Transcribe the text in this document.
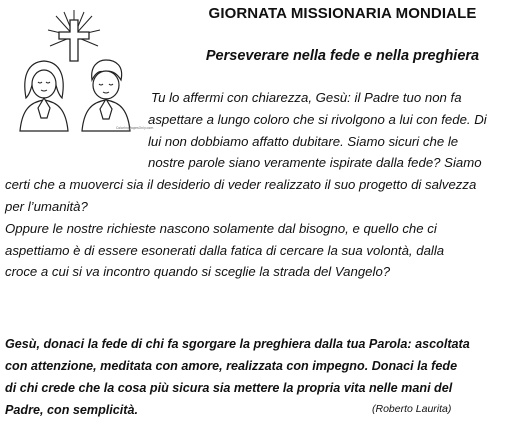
ColoringPagesOnly.com
GIORNATA MISSIONARIA MONDIALE
Perseverare nella fede e nella preghiera
Tu lo affermi con chiarezza, Gesù: il Padre tuo non fa
aspettare a lungo coloro che si rivolgono a lui con fede. Di
lui non dobbiamo affatto dubitare. Siamo sicuri che le
nostre parole siano veramente ispirate dalla fede? Siamo
certi che a muoverci sia il desiderio di veder realizzato il suo progetto di salvezza
per l’umanità?
Oppure le nostre richieste nascono solamente dal bisogno, e quello che ci
aspettiamo è di essere esonerati dalla fatica di cercare la sua volontà, dalla
croce a cui si va incontro quando si sceglie la strada del Vangelo?
Gesù, donaci la fede di chi fa sgorgare la preghiera dalla tua Parola: ascoltata
con attenzione, meditata con amore, realizzata con impegno. Donaci la fede
di chi crede che la cosa più sicura sia mettere la propria vita nelle mani del
Padre, con semplicità.	(Roberto Laurita)
